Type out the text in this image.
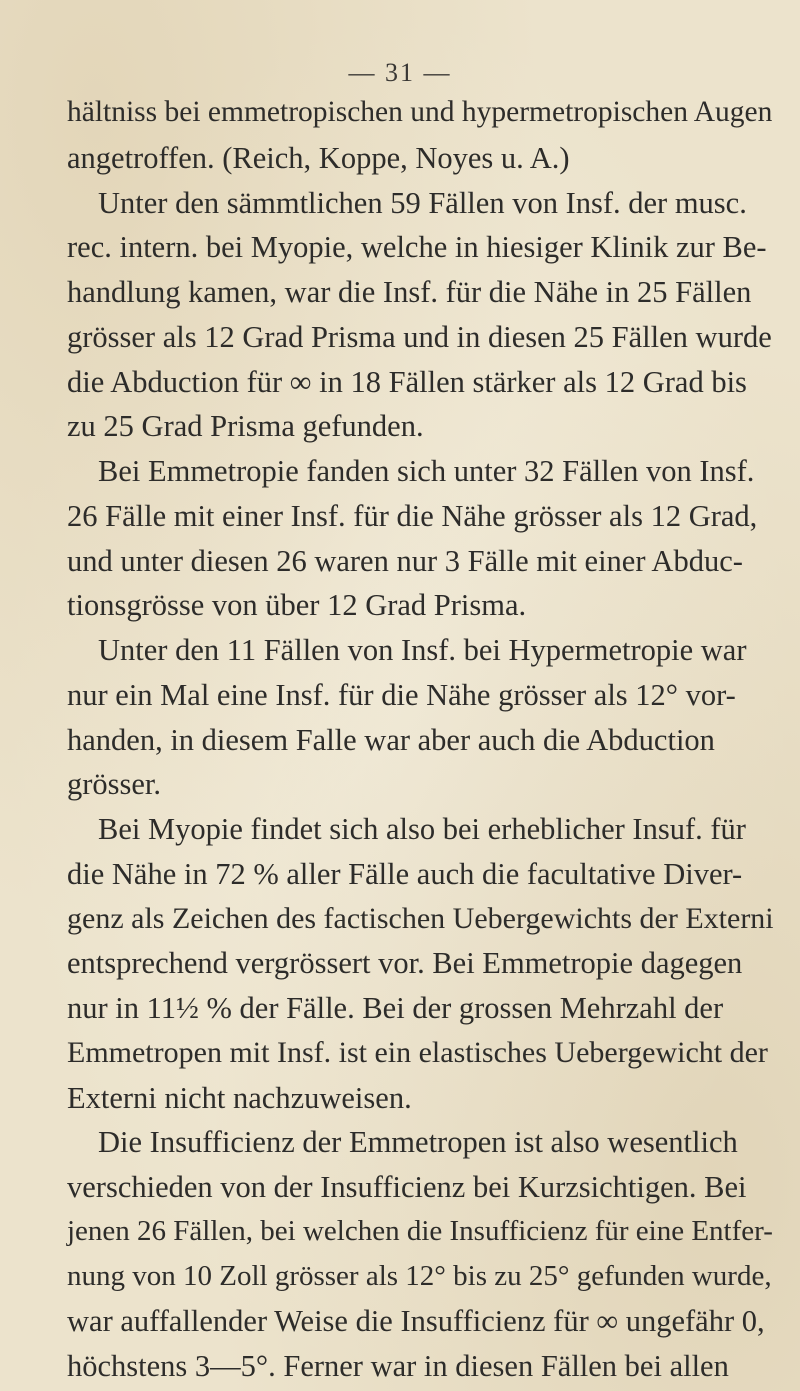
— 31 —
hältniss bei emmetropischen und hypermetropischen Augen
angetroffen. (Reich, Koppe, Noyes u. A.)
Unter den sämmtlichen 59 Fällen von Insf. der musc.
rec. intern. bei Myopie, welche in hiesiger Klinik zur Be-
handlung kamen, war die Insf. für die Nähe in 25 Fällen
grösser als 12 Grad Prisma und in diesen 25 Fällen wurde
die Abduction für ∞ in 18 Fällen stärker als 12 Grad bis
zu 25 Grad Prisma gefunden.
Bei Emmetropie fanden sich unter 32 Fällen von Insf.
26 Fälle mit einer Insf. für die Nähe grösser als 12 Grad,
und unter diesen 26 waren nur 3 Fälle mit einer Abduc-
tionsgrösse von über 12 Grad Prisma.
Unter den 11 Fällen von Insf. bei Hypermetropie war
nur ein Mal eine Insf. für die Nähe grösser als 12° vor-
handen, in diesem Falle war aber auch die Abduction
grösser.
Bei Myopie findet sich also bei erheblicher Insuf. für
die Nähe in 72 % aller Fälle auch die facultative Diver-
genz als Zeichen des factischen Uebergewichts der Externi
entsprechend vergrössert vor. Bei Emmetropie dagegen
nur in 11½ % der Fälle. Bei der grossen Mehrzahl der
Emmetropen mit Insf. ist ein elastisches Uebergewicht der
Externi nicht nachzuweisen.
Die Insufficienz der Emmetropen ist also wesentlich
verschieden von der Insufficienz bei Kurzsichtigen. Bei
jenen 26 Fällen, bei welchen die Insufficienz für eine Entfer-
nung von 10 Zoll grösser als 12° bis zu 25° gefunden wurde,
war auffallender Weise die Insufficienz für ∞ ungefähr 0,
höchstens 3—5°. Ferner war in diesen Fällen bei allen
